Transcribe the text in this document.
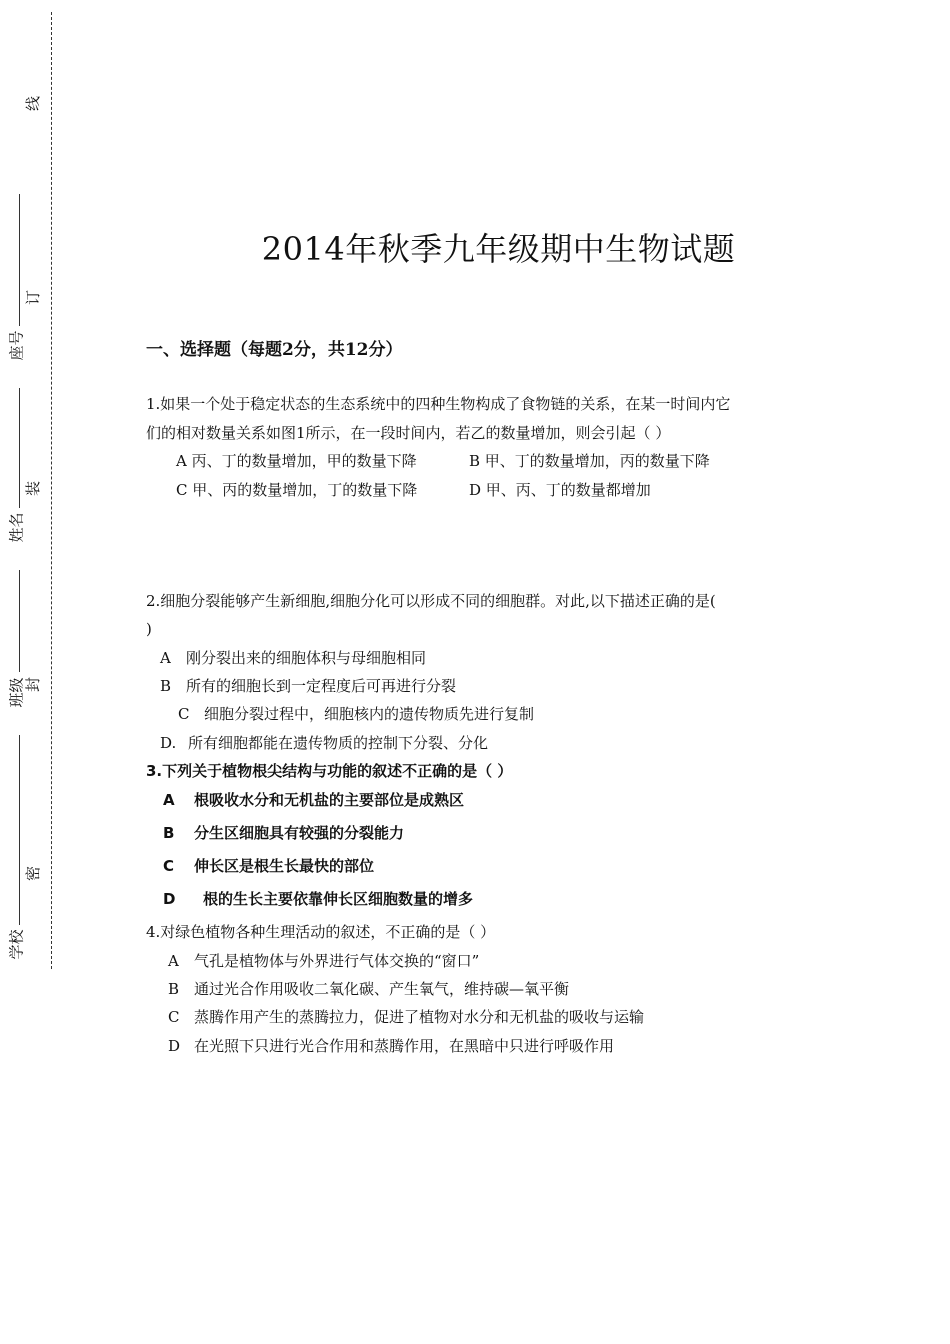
线
订
装
封
密
座号
姓名
班级
学校
2014年秋季九年级期中生物试题
一、选择题（每题2分，共12分）
1.如果一个处于稳定状态的生态系统中的四种生物构成了食物链的关系，在某一时间内它
们的相对数量关系如图1所示，在一段时间内，若乙的数量增加，则会引起（ ）
A 丙、丁的数量增加，甲的数量下降	B 甲、丁的数量增加，丙的数量下降
C 甲、丙的数量增加，丁的数量下降	D 甲、丙、丁的数量都增加
2.细胞分裂能够产生新细胞,细胞分化可以形成不同的细胞群。对此,以下描述正确的是(
)
A 刚分裂出来的细胞体积与母细胞相同
B 所有的细胞长到一定程度后可再进行分裂
C 细胞分裂过程中，细胞核内的遗传物质先进行复制
D. 所有细胞都能在遗传物质的控制下分裂、分化
3.下列关于植物根尖结构与功能的叙述不正确的是（ ）
A 根吸收水分和无机盐的主要部位是成熟区
B 分生区细胞具有较强的分裂能力
C 伸长区是根生长最快的部位
D 根的生长主要依靠伸长区细胞数量的增多
4.对绿色植物各种生理活动的叙述，不正确的是（ ）
A 气孔是植物体与外界进行气体交换的“窗口”
B 通过光合作用吸收二氧化碳、产生氧气，维持碳—氧平衡
C 蒸腾作用产生的蒸腾拉力，促进了植物对水分和无机盐的吸收与运输
D 在光照下只进行光合作用和蒸腾作用，在黑暗中只进行呼吸作用
